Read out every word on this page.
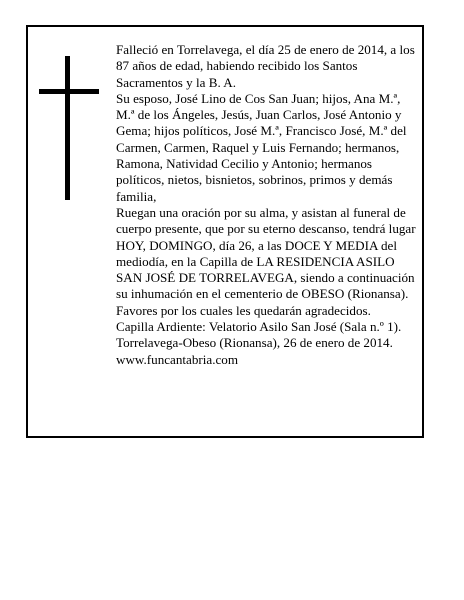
Falleció en Torrelavega, el día 25 de enero de 2014, a los 87 años de edad, habiendo recibido los Santos Sacramentos y la B. A.

Su esposo, José Lino de Cos San Juan; hijos, Ana M.ª, M.ª de los Ángeles, Jesús, Juan Carlos, José Antonio y Gema; hijos políticos, José M.ª, Francisco José, M.ª del Carmen, Carmen, Raquel y Luis Fernando; hermanos, Ramona, Natividad Cecilio y Antonio; hermanos políticos, nietos, bisnietos, sobrinos, primos y demás familia,

Ruegan una oración por su alma, y asistan al funeral de cuerpo presente, que por su eterno descanso, tendrá lugar HOY, DOMINGO, día 26, a las DOCE Y MEDIA del mediodía, en la Capilla de LA RESIDENCIA ASILO SAN JOSÉ DE TORRELAVEGA, siendo a continuación su inhumación en el cementerio de OBESO (Rionansa).

Favores por los cuales les quedarán agradecidos.

Capilla Ardiente: Velatorio Asilo San José (Sala n.º 1).

Torrelavega-Obeso (Rionansa), 26 de enero de 2014.

www.funcantabria.com
